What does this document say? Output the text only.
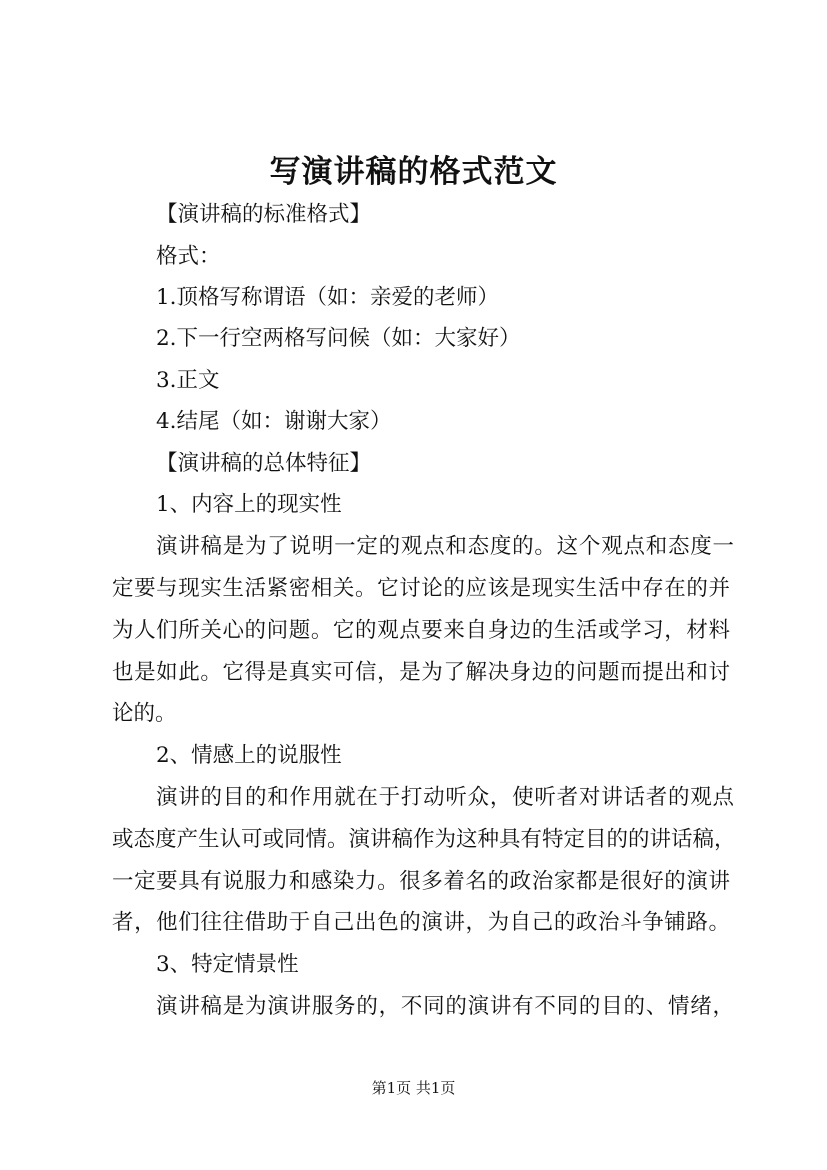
写演讲稿的格式范文
【演讲稿的标准格式】
格式：
1.顶格写称谓语（如：亲爱的老师）
2.下一行空两格写问候（如：大家好）
3.正文
4.结尾（如：谢谢大家）
【演讲稿的总体特征】
1、内容上的现实性
演讲稿是为了说明一定的观点和态度的。这个观点和态度一
定要与现实生活紧密相关。它讨论的应该是现实生活中存在的并
为人们所关心的问题。它的观点要来自身边的生活或学习，材料
也是如此。它得是真实可信，是为了解决身边的问题而提出和讨
论的。
2、情感上的说服性
演讲的目的和作用就在于打动听众，使听者对讲话者的观点
或态度产生认可或同情。演讲稿作为这种具有特定目的的讲话稿，
一定要具有说服力和感染力。很多着名的政治家都是很好的演讲
者，他们往往借助于自己出色的演讲，为自己的政治斗争铺路。
3、特定情景性
演讲稿是为演讲服务的，不同的演讲有不同的目的、情绪，
第1页 共1页
